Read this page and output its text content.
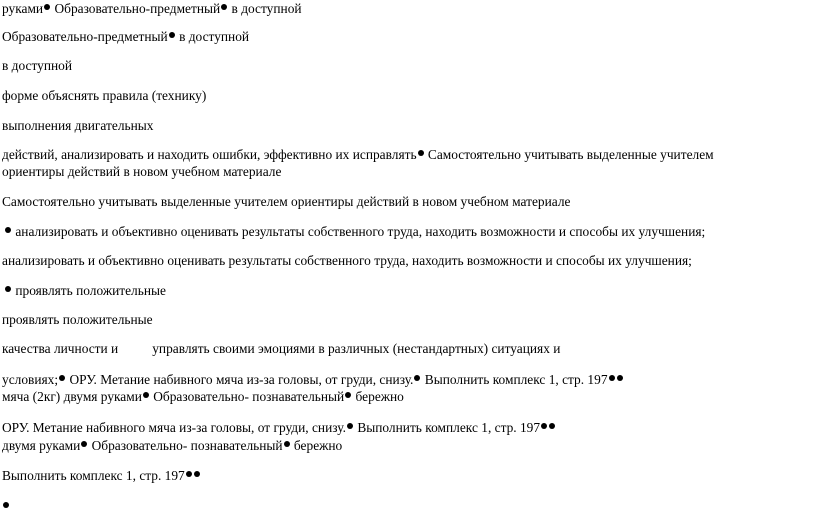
руками Образовательно-предметный в доступной
Образовательно-предметный в доступной
в доступной
форме объяснять правила (технику)
выполнения двигательных
действий, анализировать и находить ошибки, эффективно их исправлять Самостоятельно учитывать выделенные учителем
ориентиры действий в новом учебном материале
Самостоятельно учитывать выделенные учителем ориентиры действий в новом учебном материале
анализировать и объективно оценивать результаты собственного труда, находить возможности и способы их улучшения;
анализировать и объективно оценивать результаты собственного труда, находить возможности и способы их улучшения;
проявлять положительные
проявлять положительные
качества личности и	управлять своими эмоциями в различных (нестандартных) ситуациях и
условиях; ОРУ. Метание набивного мяча из-за головы, от груди, снизу. Выполнить комплекс 1, стр. 197
мяча (2кг) двумя руками Образовательно- познавательный бережно
ОРУ. Метание набивного мяча из-за головы, от груди, снизу. Выполнить комплекс 1, стр. 197
двумя руками Образовательно- познавательный бережно
Выполнить комплекс 1, стр. 197
